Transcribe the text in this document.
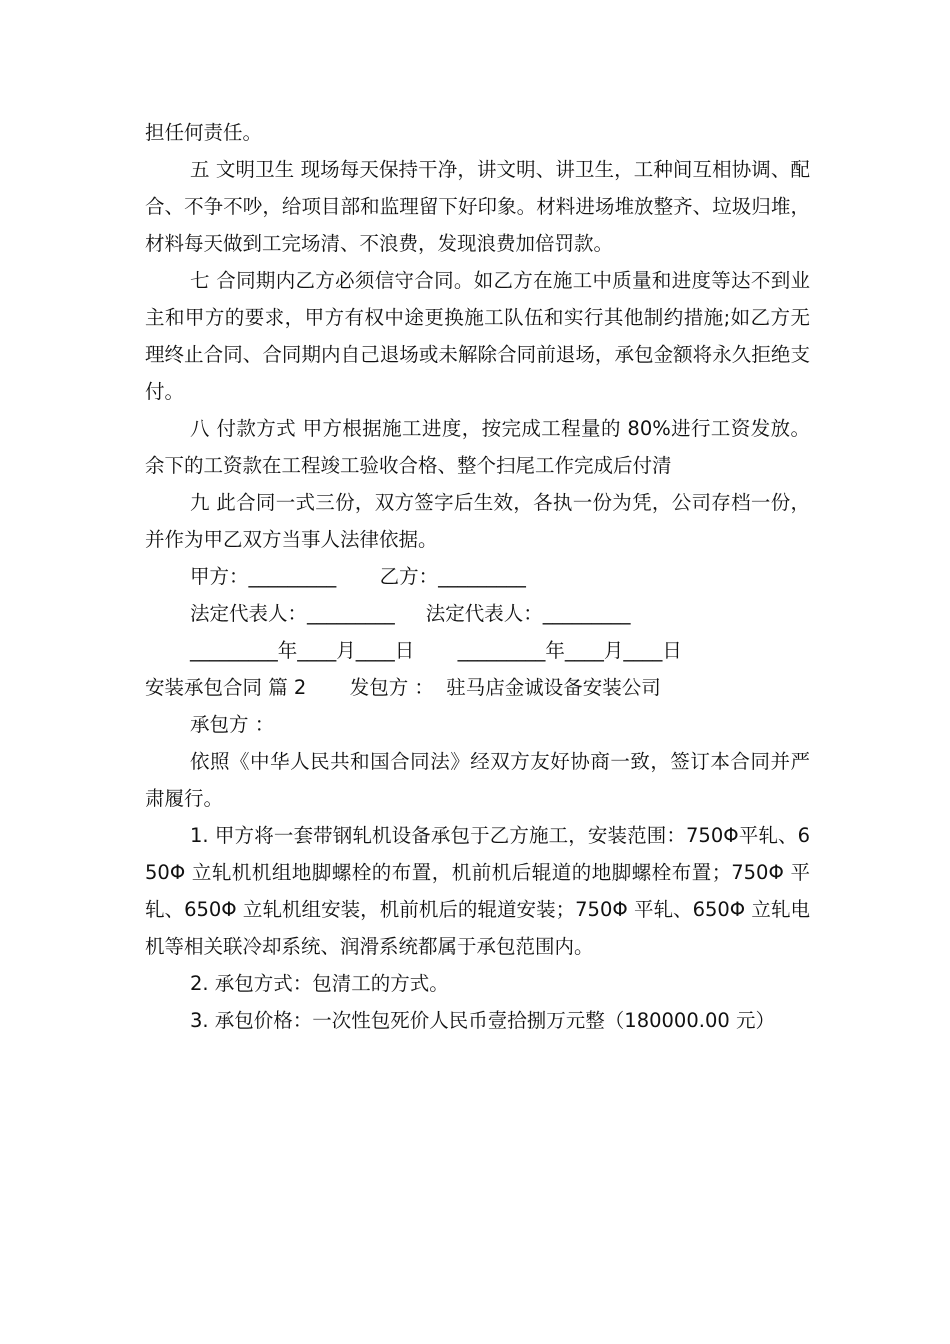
担任何责任。

五 文明卫生 现场每天保持干净，讲文明、讲卫生，工种间互相协调、配合、不争不吵，给项目部和监理留下好印象。材料进场堆放整齐、垃圾归堆，材料每天做到工完场清、不浪费，发现浪费加倍罚款。

七 合同期内乙方必须信守合同。如乙方在施工中质量和进度等达不到业主和甲方的要求，甲方有权中途更换施工队伍和实行其他制约措施;如乙方无理终止合同、合同期内自己退场或未解除合同前退场，承包金额将永久拒绝支付。

八 付款方式 甲方根据施工进度，按完成工程量的 80%进行工资发放。余下的工资款在工程竣工验收合格、整个扫尾工作完成后付清

九 此合同一式三份，双方签字后生效，各执一份为凭，公司存档一份，并作为甲乙双方当事人法律依据。

甲方：_________       乙方：_________
法定代表人：_________     法定代表人：_________
_________年____月____日       _________年____月____日
安装承包合同 篇 2       发包方 ：  驻马店金诚设备安装公司
承包方 ：

依照《中华人民共和国合同法》经双方友好协商一致，签订本合同并严肃履行。

1. 甲方将一套带钢轧机设备承包于乙方施工，安装范围：750Φ平轧、650Φ 立轧机机组地脚螺栓的布置，机前机后辊道的地脚螺栓布置；750Φ 平轧、650Φ 立轧机组安装，机前机后的辊道安装；750Φ 平轧、650Φ 立轧电机等相关联冷却系统、润滑系统都属于承包范围内。

2. 承包方式：包清工的方式。

3. 承包价格：一次性包死价人民币壹拾捌万元整（180000.00 元）
